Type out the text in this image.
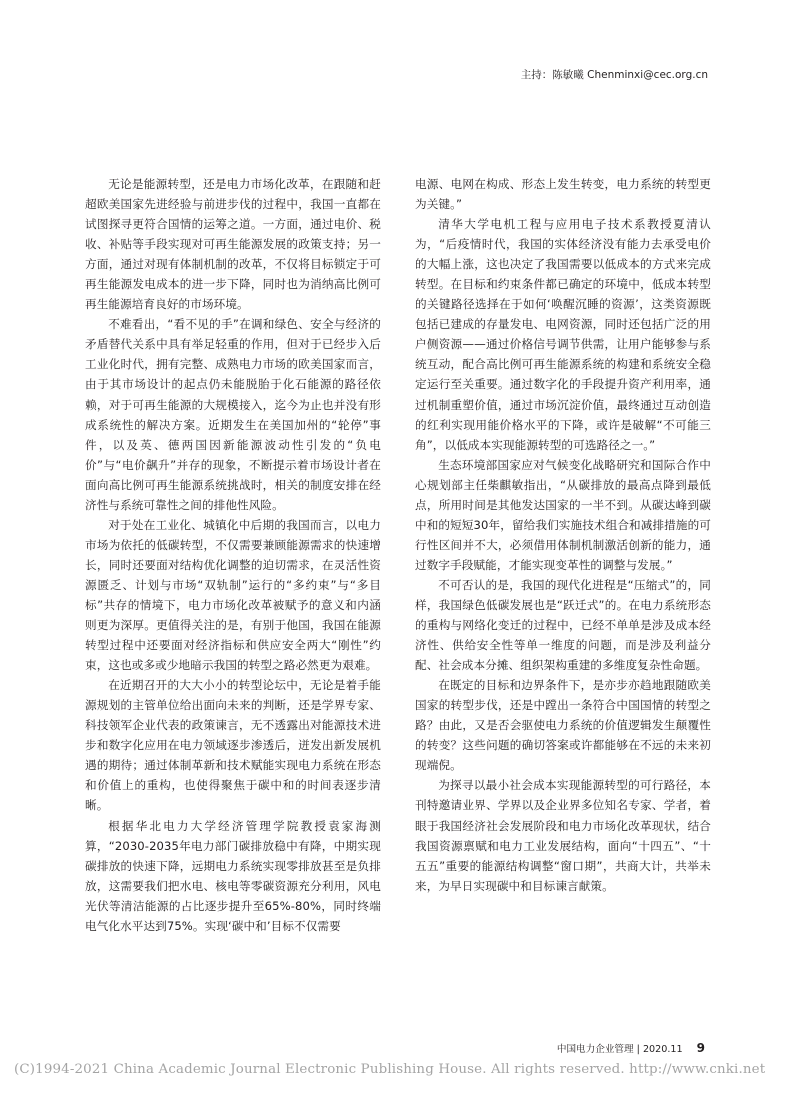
主持：陈敏曦 Chenminxi@cec.org.cn

无论是能源转型，还是电力市场化改革，在跟随和赶超欧美国家先进经验与前进步伐的过程中，我国一直都在试图探寻更符合国情的运筹之道。一方面，通过电价、税收、补贴等手段实现对可再生能源发展的政策支持；另一方面，通过对现有体制机制的改革，不仅将目标锁定于可再生能源发电成本的进一步下降，同时也为消纳高比例可再生能源培育良好的市场环境。

不难看出，“看不见的手”在调和绿色、安全与经济的矛盾替代关系中具有举足轻重的作用，但对于已经步入后工业化时代，拥有完整、成熟电力市场的欧美国家而言，由于其市场设计的起点仍未能脱胎于化石能源的路径依赖，对于可再生能源的大规模接入，迄今为止也并没有形成系统性的解决方案。近期发生在美国加州的“轮停”事件，以及英、德两国因新能源波动性引发的“负电价”与“电价飙升”并存的现象，不断提示着市场设计者在面向高比例可再生能源系统挑战时，相关的制度安排在经济性与系统可靠性之间的排他性风险。

对于处在工业化、城镇化中后期的我国而言，以电力市场为依托的低碳转型，不仅需要兼顾能源需求的快速增长，同时还要面对结构优化调整的迫切需求，在灵活性资源匮乏、计划与市场“双轨制”运行的“多约束”与“多目标”共存的情境下，电力市场化改革被赋予的意义和内涵则更为深厚。更值得关注的是，有别于他国，我国在能源转型过程中还要面对经济指标和供应安全两大“刚性”约束，这也或多或少地暗示我国的转型之路必然更为艰难。

在近期召开的大大小小的转型论坛中，无论是着手能源规划的主管单位给出面向未来的判断，还是学界专家、科技领军企业代表的政策谏言，无不透露出对能源技术进步和数字化应用在电力领域逐步渗透后，迸发出新发展机遇的期待；通过体制革新和技术赋能实现电力系统在形态和价值上的重构，也使得聚焦于碳中和的时间表逐步清晰。

根据华北电力大学经济管理学院教授袁家海测算，“2030-2035年电力部门碳排放稳中有降，中期实现碳排放的快速下降，远期电力系统实现零排放甚至是负排放，这需要我们把水电、核电等零碳资源充分利用，风电光伏等清洁能源的占比逐步提升至65%-80%，同时终端电气化水平达到75%。实现‘碳中和’目标不仅需要

电源、电网在构成、形态上发生转变，电力系统的转型更为关键。”

清华大学电机工程与应用电子技术系教授夏清认为，“后疫情时代，我国的实体经济没有能力去承受电价的大幅上涨，这也决定了我国需要以低成本的方式来完成转型。在目标和约束条件都已确定的环境中，低成本转型的关键路径选择在于如何‘唤醒沉睡的资源’，这类资源既包括已建成的存量发电、电网资源，同时还包括广泛的用户侧资源——通过价格信号调节供需，让用户能够参与系统互动，配合高比例可再生能源系统的构建和系统安全稳定运行至关重要。通过数字化的手段提升资产利用率，通过机制重塑价值，通过市场沉淀价值，最终通过互动创造的红利实现用能价格水平的下降，或许是破解“不可能三角”，以低成本实现能源转型的可选路径之一。”

生态环境部国家应对气候变化战略研究和国际合作中心规划部主任柴麒敏指出，“从碳排放的最高点降到最低点，所用时间是其他发达国家的一半不到。从碳达峰到碳中和的短短30年，留给我们实施技术组合和减排措施的可行性区间并不大，必须借用体制机制激活创新的能力，通过数字手段赋能，才能实现变革性的调整与发展。”

不可否认的是，我国的现代化进程是“压缩式”的，同样，我国绿色低碳发展也是“跃迁式”的。在电力系统形态的重构与网络化变迁的过程中，已经不单单是涉及成本经济性、供给安全性等单一维度的问题，而是涉及利益分配、社会成本分摊、组织架构重建的多维度复杂性命题。

在既定的目标和边界条件下，是亦步亦趋地跟随欧美国家的转型步伐，还是中蹚出一条符合中国国情的转型之路？由此，又是否会驱使电力系统的价值逻辑发生颠覆性的转变？这些问题的确切答案或许都能够在不远的未来初现端倪。

为探寻以最小社会成本实现能源转型的可行路径，本刊特邀请业界、学界以及企业界多位知名专家、学者，着眼于我国经济社会发展阶段和电力市场化改革现状，结合我国资源禀赋和电力工业发展结构，面向“十四五”、“十五五”重要的能源结构调整“窗口期”，共商大计，共举未来，为早日实现碳中和目标谏言献策。

中国电力企业管理 | 2020.11 9
(C)1994-2021 China Academic Journal Electronic Publishing House. All rights reserved. http://www.cnki.net
